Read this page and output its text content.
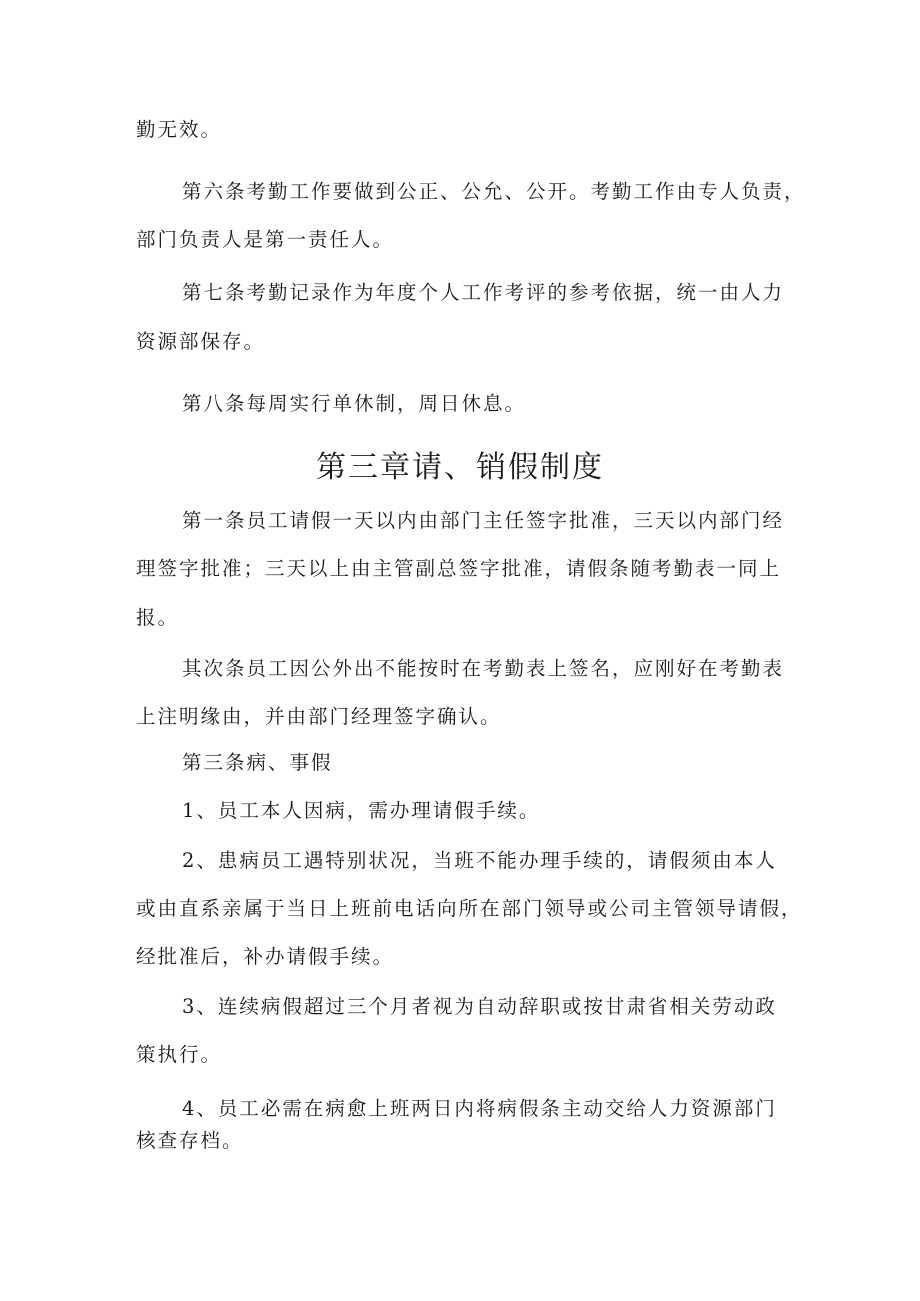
勤无效。

第六条考勤工作要做到公正、公允、公开。考勤工作由专人负责，

部门负责人是第一责任人。

第七条考勤记录作为年度个人工作考评的参考依据，统一由人力

资源部保存。

第八条每周实行单休制，周日休息。

第三章请、销假制度

第一条员工请假一天以内由部门主任签字批准，三天以内部门经

理签字批准；三天以上由主管副总签字批准，请假条随考勤表一同上

报。

其次条员工因公外出不能按时在考勤表上签名，应刚好在考勤表

上注明缘由，并由部门经理签字确认。

第三条病、事假

1、员工本人因病，需办理请假手续。

2、患病员工遇特别状况，当班不能办理手续的，请假须由本人

或由直系亲属于当日上班前电话向所在部门领导或公司主管领导请假，

经批准后，补办请假手续。

3、连续病假超过三个月者视为自动辞职或按甘肃省相关劳动政

策执行。

4、员工必需在病愈上班两日内将病假条主动交给人力资源部门

核查存档。
